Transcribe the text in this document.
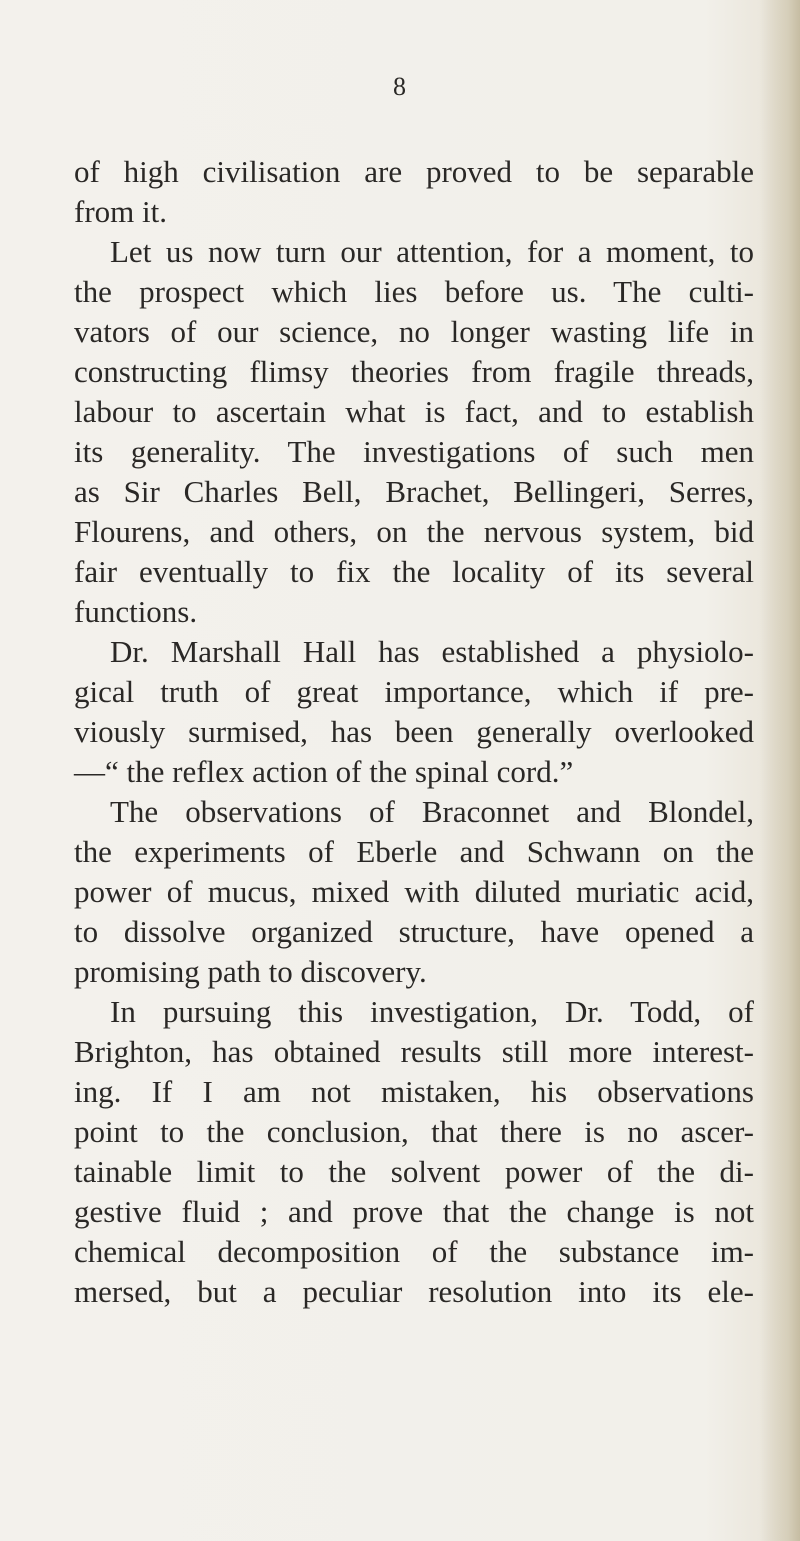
8
of high civilisation are proved to be separable
from it.
Let us now turn our attention, for a moment, to
the prospect which lies before us. The culti-
vators of our science, no longer wasting life in
constructing flimsy theories from fragile threads,
labour to ascertain what is fact, and to establish
its generality. The investigations of such men
as Sir Charles Bell, Brachet, Bellingeri, Serres,
Flourens, and others, on the nervous system, bid
fair eventually to fix the locality of its several
functions.
Dr. Marshall Hall has established a physiolo-
gical truth of great importance, which if pre-
viously surmised, has been generally overlooked
—“ the reflex action of the spinal cord.”
The observations of Braconnet and Blondel,
the experiments of Eberle and Schwann on the
power of mucus, mixed with diluted muriatic acid,
to dissolve organized structure, have opened a
promising path to discovery.
In pursuing this investigation, Dr. Todd, of
Brighton, has obtained results still more interest-
ing. If I am not mistaken, his observations
point to the conclusion, that there is no ascer-
tainable limit to the solvent power of the di-
gestive fluid ; and prove that the change is not
chemical decomposition of the substance im-
mersed, but a peculiar resolution into its ele-
